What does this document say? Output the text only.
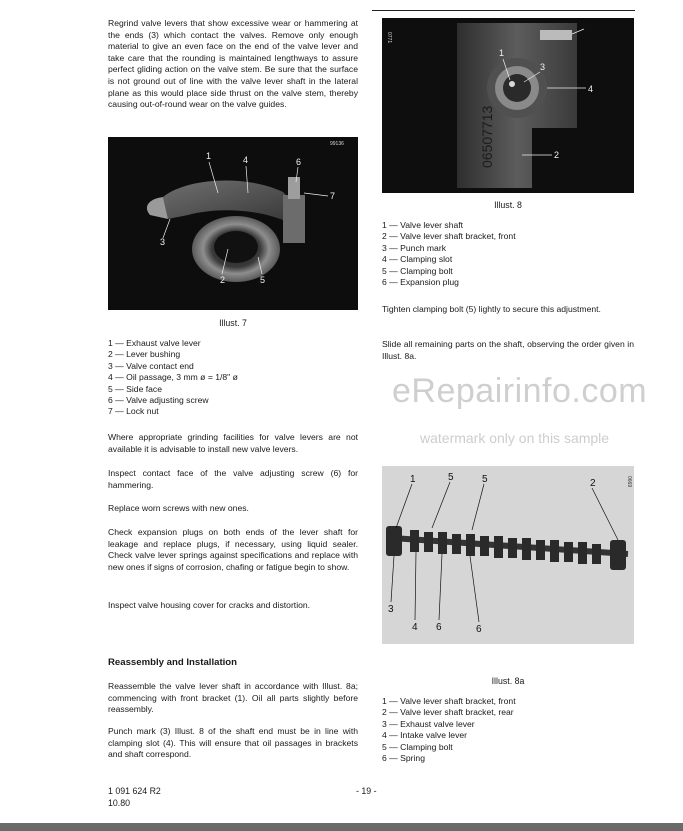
Regrind valve levers that show excessive wear or hammering at the ends (3) which contact the valves. Remove only enough material to give an even face on the end of the valve lever and take care that the rounding is maintained lengthways to assure perfect gliding action on the valve stem. Be sure that the surface is not ground out of line with the valve lever shaft in the lateral plane as this would place side thrust on the valve stem, thereby causing out-of-round wear on the valve guides.

99136
1	4	6
7
3
2	5
Illust. 7
1 — Exhaust valve lever
2 — Lever bushing
3 — Valve contact end
4 — Oil passage, 3 mm ø = 1/8" ø
5 — Side face
6 — Valve adjusting screw
7 — Lock nut

Where appropriate grinding facilities for valve levers are not available it is advisable to install new valve levers.

Inspect contact face of the valve adjusting screw (6) for hammering.

Replace worn screws with new ones.

Check expansion plugs on both ends of the lever shaft for leakage and replace plugs, if necessary, using liquid sealer. Check valve lever springs against specifications and replace with new ones if signs of corrosion, chafing or fatigue begin to show.

Inspect valve housing cover for cracks and distortion.

Reassembly and Installation

Reassemble the valve lever shaft in accordance with Illust. 8a; commencing with front bracket (1). Oil all parts slightly before reassembly.

Punch mark (3) Illust. 8 of the shaft end must be in line with clamping slot (4). This will ensure that oil passages in brackets and shaft correspond.

06507713
0771
5
1
3
4
2
Illust. 8
1 — Valve lever shaft
2 — Valve lever shaft bracket, front
3 — Punch mark
4 — Clamping slot
5 — Clamping bolt
6 — Expansion plug

Tighten clamping bolt (5) lightly to secure this adjustment.

Slide all remaining parts on the shaft, observing the order given in Illust. 8a.

0669
1	5	5	2
3
4 6	6
Illust. 8a
1 — Valve lever shaft bracket, front
2 — Valve lever shaft bracket, rear
3 — Exhaust valve lever
4 — Intake valve lever
5 — Clamping bolt
6 — Spring
eRepairinfo.com
watermark only on this sample
1 091 624 R2
10.80
- 19 -
